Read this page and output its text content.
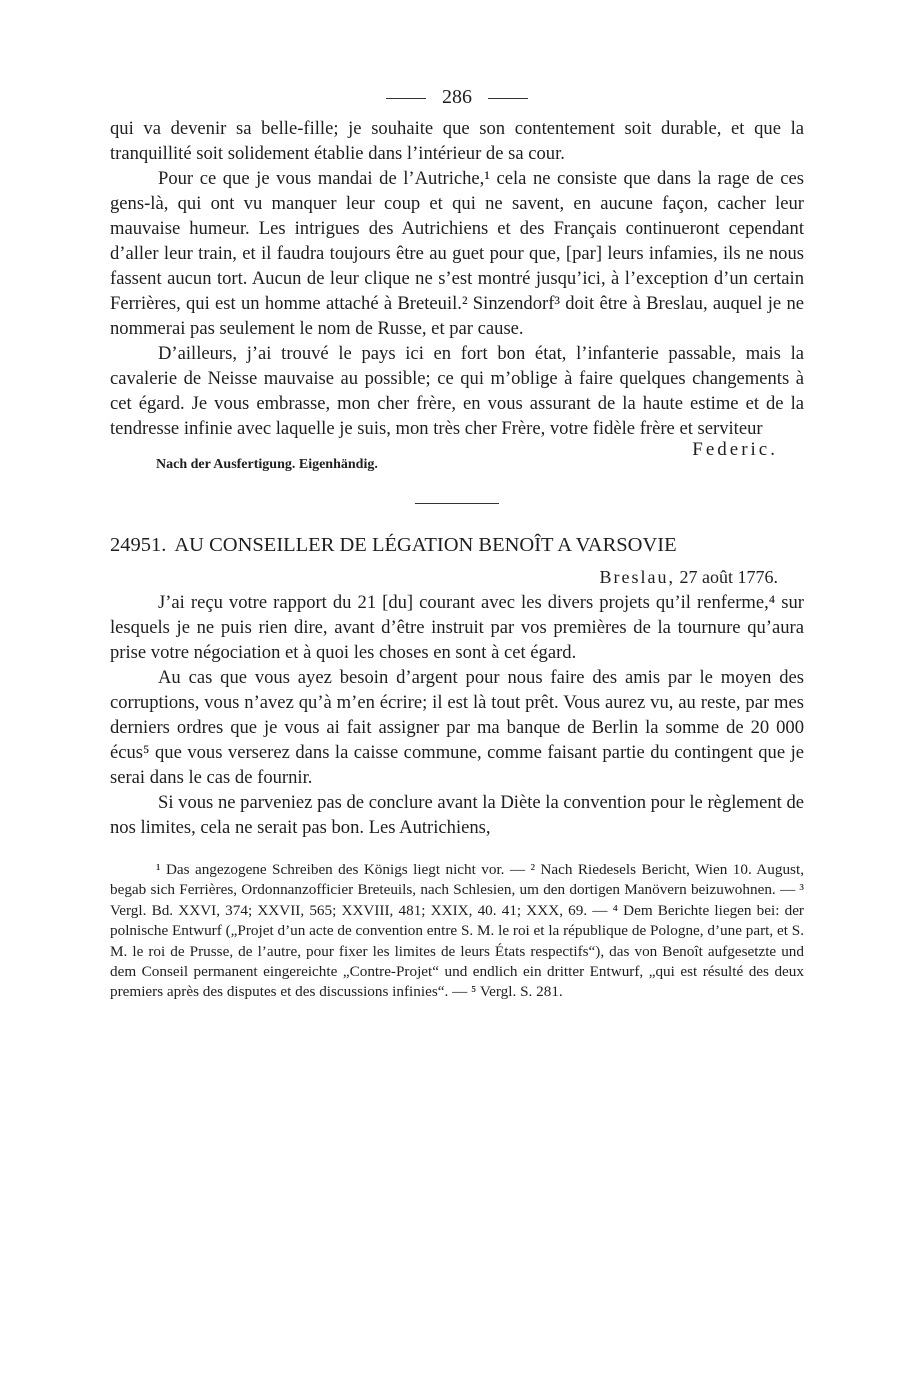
286

qui va devenir sa belle-fille; je souhaite que son contentement soit durable, et que la tranquillité soit solidement établie dans l’intérieur de sa cour.

Pour ce que je vous mandai de l’Autriche,¹ cela ne consiste que dans la rage de ces gens-là, qui ont vu manquer leur coup et qui ne savent, en aucune façon, cacher leur mauvaise humeur. Les intrigues des Autrichiens et des Français continueront cependant d’aller leur train, et il faudra toujours être au guet pour que, [par] leurs infamies, ils ne nous fassent aucun tort. Aucun de leur clique ne s’est montré jusqu’ici, à l’exception d’un certain Ferrières, qui est un homme attaché à Breteuil.² Sinzendorf³ doit être à Breslau, auquel je ne nommerai pas seulement le nom de Russe, et par cause.

D’ailleurs, j’ai trouvé le pays ici en fort bon état, l’infanterie passable, mais la cavalerie de Neisse mauvaise au possible; ce qui m’oblige à faire quelques changements à cet égard. Je vous embrasse, mon cher frère, en vous assurant de la haute estime et de la tendresse infinie avec laquelle je suis, mon très cher Frère, votre fidèle frère et serviteur

Nach der Ausfertigung. Eigenhändig.
Federic.
24951. AU CONSEILLER DE LÉGATION BENOÎT A VARSOVIE
Breslau, 27 août 1776.

J’ai reçu votre rapport du 21 [du] courant avec les divers projets qu’il renferme,⁴ sur lesquels je ne puis rien dire, avant d’être instruit par vos premières de la tournure qu’aura prise votre négociation et à quoi les choses en sont à cet égard.

Au cas que vous ayez besoin d’argent pour nous faire des amis par le moyen des corruptions, vous n’avez qu’à m’en écrire; il est là tout prêt. Vous aurez vu, au reste, par mes derniers ordres que je vous ai fait assigner par ma banque de Berlin la somme de 20 000 écus⁵ que vous verserez dans la caisse commune, comme faisant partie du contingent que je serai dans le cas de fournir.

Si vous ne parveniez pas de conclure avant la Diète la convention pour le règlement de nos limites, cela ne serait pas bon. Les Autrichiens,

¹ Das angezogene Schreiben des Königs liegt nicht vor. — ² Nach Riedesels Bericht, Wien 10. August, begab sich Ferrières, Ordonnanzofficier Breteuils, nach Schlesien, um den dortigen Manövern beizuwohnen. — ³ Vergl. Bd. XXVI, 374; XXVII, 565; XXVIII, 481; XXIX, 40. 41; XXX, 69. — ⁴ Dem Berichte liegen bei: der polnische Entwurf („Projet d’un acte de convention entre S. M. le roi et la république de Pologne, d’une part, et S. M. le roi de Prusse, de l’autre, pour fixer les limites de leurs États respectifs“), das von Benoît aufgesetzte und dem Conseil permanent eingereichte „Contre-Projet“ und endlich ein dritter Entwurf, „qui est résulté des deux premiers après des disputes et des discussions infinies“. — ⁵ Vergl. S. 281.
